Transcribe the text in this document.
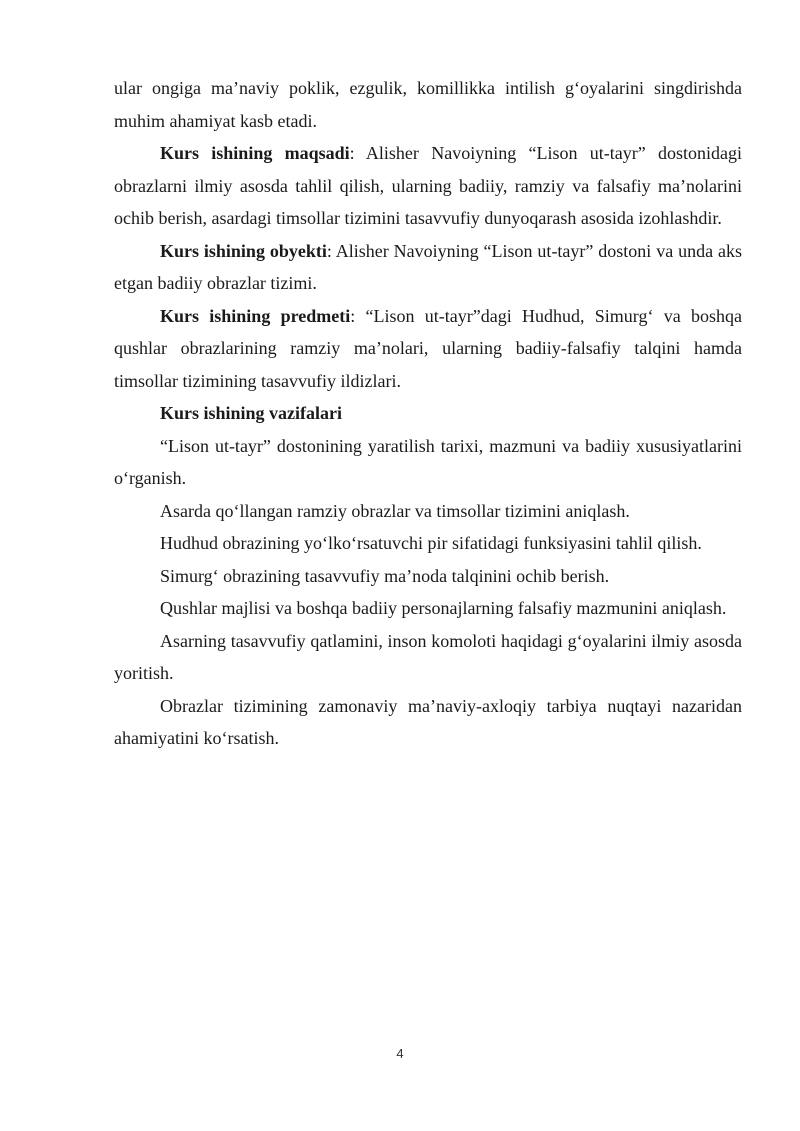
ular ongiga ma’naviy poklik, ezgulik, komillikka intilish g‘oyalarini singdirishda muhim ahamiyat kasb etadi.

Kurs ishining maqsadi: Alisher Navoiyning “Lison ut-tayr” dostonidagi obrazlarni ilmiy asosda tahlil qilish, ularning badiiy, ramziy va falsafiy ma’nolarini ochib berish, asardagi timsollar tizimini tasavvufiy dunyoqarash asosida izohlashdir.

Kurs ishining obyekti: Alisher Navoiyning “Lison ut-tayr” dostoni va unda aks etgan badiiy obrazlar tizimi.

Kurs ishining predmeti: “Lison ut-tayr”dagi Hudhud, Simurg‘ va boshqa qushlar obrazlarining ramziy ma’nolari, ularning badiiy-falsafiy talqini hamda timsollar tizimining tasavvufiy ildizlari.

Kurs ishining vazifalari

“Lison ut-tayr” dostonining yaratilish tarixi, mazmuni va badiiy xususiyatlarini o‘rganish.

Asarda qo‘llangan ramziy obrazlar va timsollar tizimini aniqlash.

Hudhud obrazining yo‘lko‘rsatuvchi pir sifatidagi funksiyasini tahlil qilish.

Simurg‘ obrazining tasavvufiy ma’noda talqinini ochib berish.

Qushlar majlisi va boshqa badiiy personajlarning falsafiy mazmunini aniqlash.

Asarning tasavvufiy qatlamini, inson komoloti haqidagi g‘oyalarini ilmiy asosda yoritish.

Obrazlar tizimining zamonaviy ma’naviy-axloqiy tarbiya nuqtayi nazaridan ahamiyatini ko‘rsatish.

4
